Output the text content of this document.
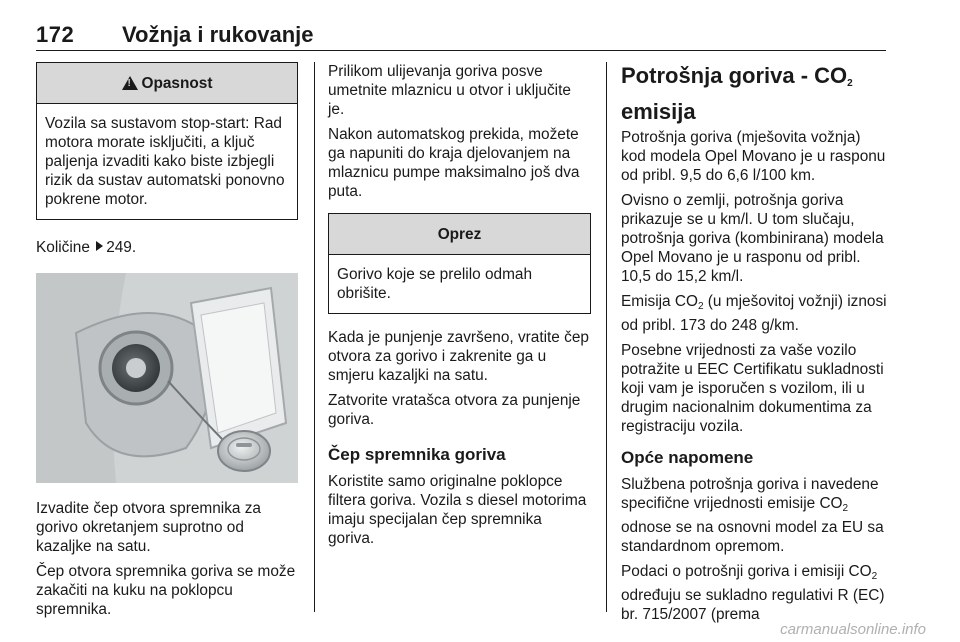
172 Vožnja i rukovanje
!
Opasnost
Vozila sa sustavom stop-start: Rad motora morate isključiti, a ključ paljenja izvaditi kako biste izbjegli rizik da sustav automatski ponovno pokrene motor.

Količine 249.

Izvadite čep otvora spremnika za gorivo okretanjem suprotno od kazaljke na satu.

Čep otvora spremnika goriva se može zakačiti na kuku na poklopcu spremnika.

Prilikom ulijevanja goriva posve umetnite mlaznicu u otvor i uključite je.

Nakon automatskog prekida, možete ga napuniti do kraja djelovanjem na mlaznicu pumpe maksimalno još dva puta.

Oprez
Gorivo koje se prelilo odmah obrišite.

Kada je punjenje završeno, vratite čep otvora za gorivo i zakrenite ga u smjeru kazaljki na satu.

Zatvorite vratašca otvora za punjenje goriva.

Čep spremnika goriva

Koristite samo originalne poklopce filtera goriva. Vozila s diesel motorima imaju specijalan čep spremnika goriva.

Potrošnja goriva - $CO_2$
emisija

Potrošnja goriva (mješovita vožnja) kod modela Opel Movano je u rasponu od pribl. 9,5 do 6,6 l/100 km.

Ovisno o zemlji, potrošnja goriva prikazuje se u km/l. U tom slučaju, potrošnja goriva (kombinirana) modela Opel Movano je u rasponu od pribl. 10,5 do 15,2 km/l.

Emisija $CO_2$ (u mješovitoj vožnji) iznosi od pribl. 173 do 248 g/km.

Posebne vrijednosti za vaše vozilo potražite u EEC Certifikatu sukladnosti koji vam je isporučen s vozilom, ili u drugim nacionalnim dokumentima za registraciju vozila.

Opće napomene

Službena potrošnja goriva i navedene specifične vrijednosti emisije $CO_2$ odnose se na osnovni model za EU sa standardnom opremom.

Podaci o potrošnji goriva i emisiji $CO_2$ određuju se sukladno regulativi R (EC) br. 715/2007 (prema

carmanualsonline.info
